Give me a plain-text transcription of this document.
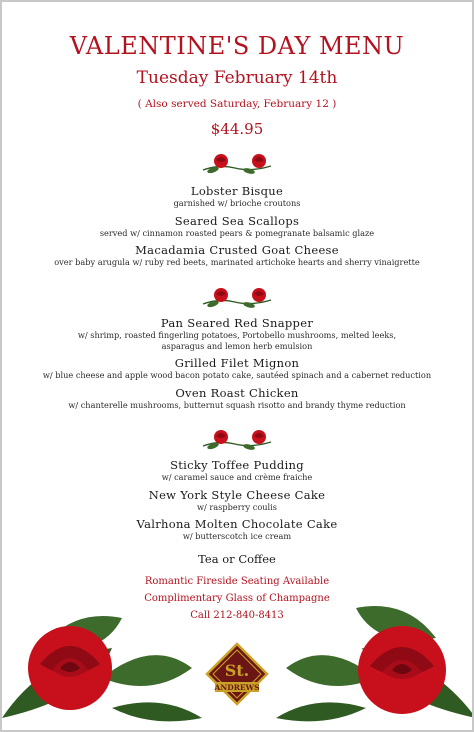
VALENTINE'S DAY MENU
Tuesday February 14th
( Also served Saturday, February 12 )
$44.95
Lobster Bisque
garnished w/ brioche croutons
Seared Sea Scallops
served w/ cinnamon roasted pears & pomegranate balsamic glaze
Macadamia Crusted Goat Cheese
over baby arugula w/ ruby red beets, marinated artichoke hearts and sherry vinaigrette
Pan Seared Red Snapper
w/ shrimp, roasted fingerling potatoes, Portobello mushrooms, melted leeks, asparagus and lemon herb emulsion
Grilled Filet Mignon
w/ blue cheese and apple wood bacon potato cake, sautéed spinach and a cabernet reduction
Oven Roast Chicken
w/ chanterelle mushrooms, butternut squash risotto and brandy thyme reduction
Sticky Toffee Pudding
w/ caramel sauce and crème fraiche
New York Style Cheese Cake
w/ raspberry coulis
Valrhona Molten Chocolate Cake
w/ butterscotch ice cream
Tea or Coffee
Romantic Fireside Seating Available
Complimentary Glass of Champagne
Call 212-840-8413
St.
ANDREWS
